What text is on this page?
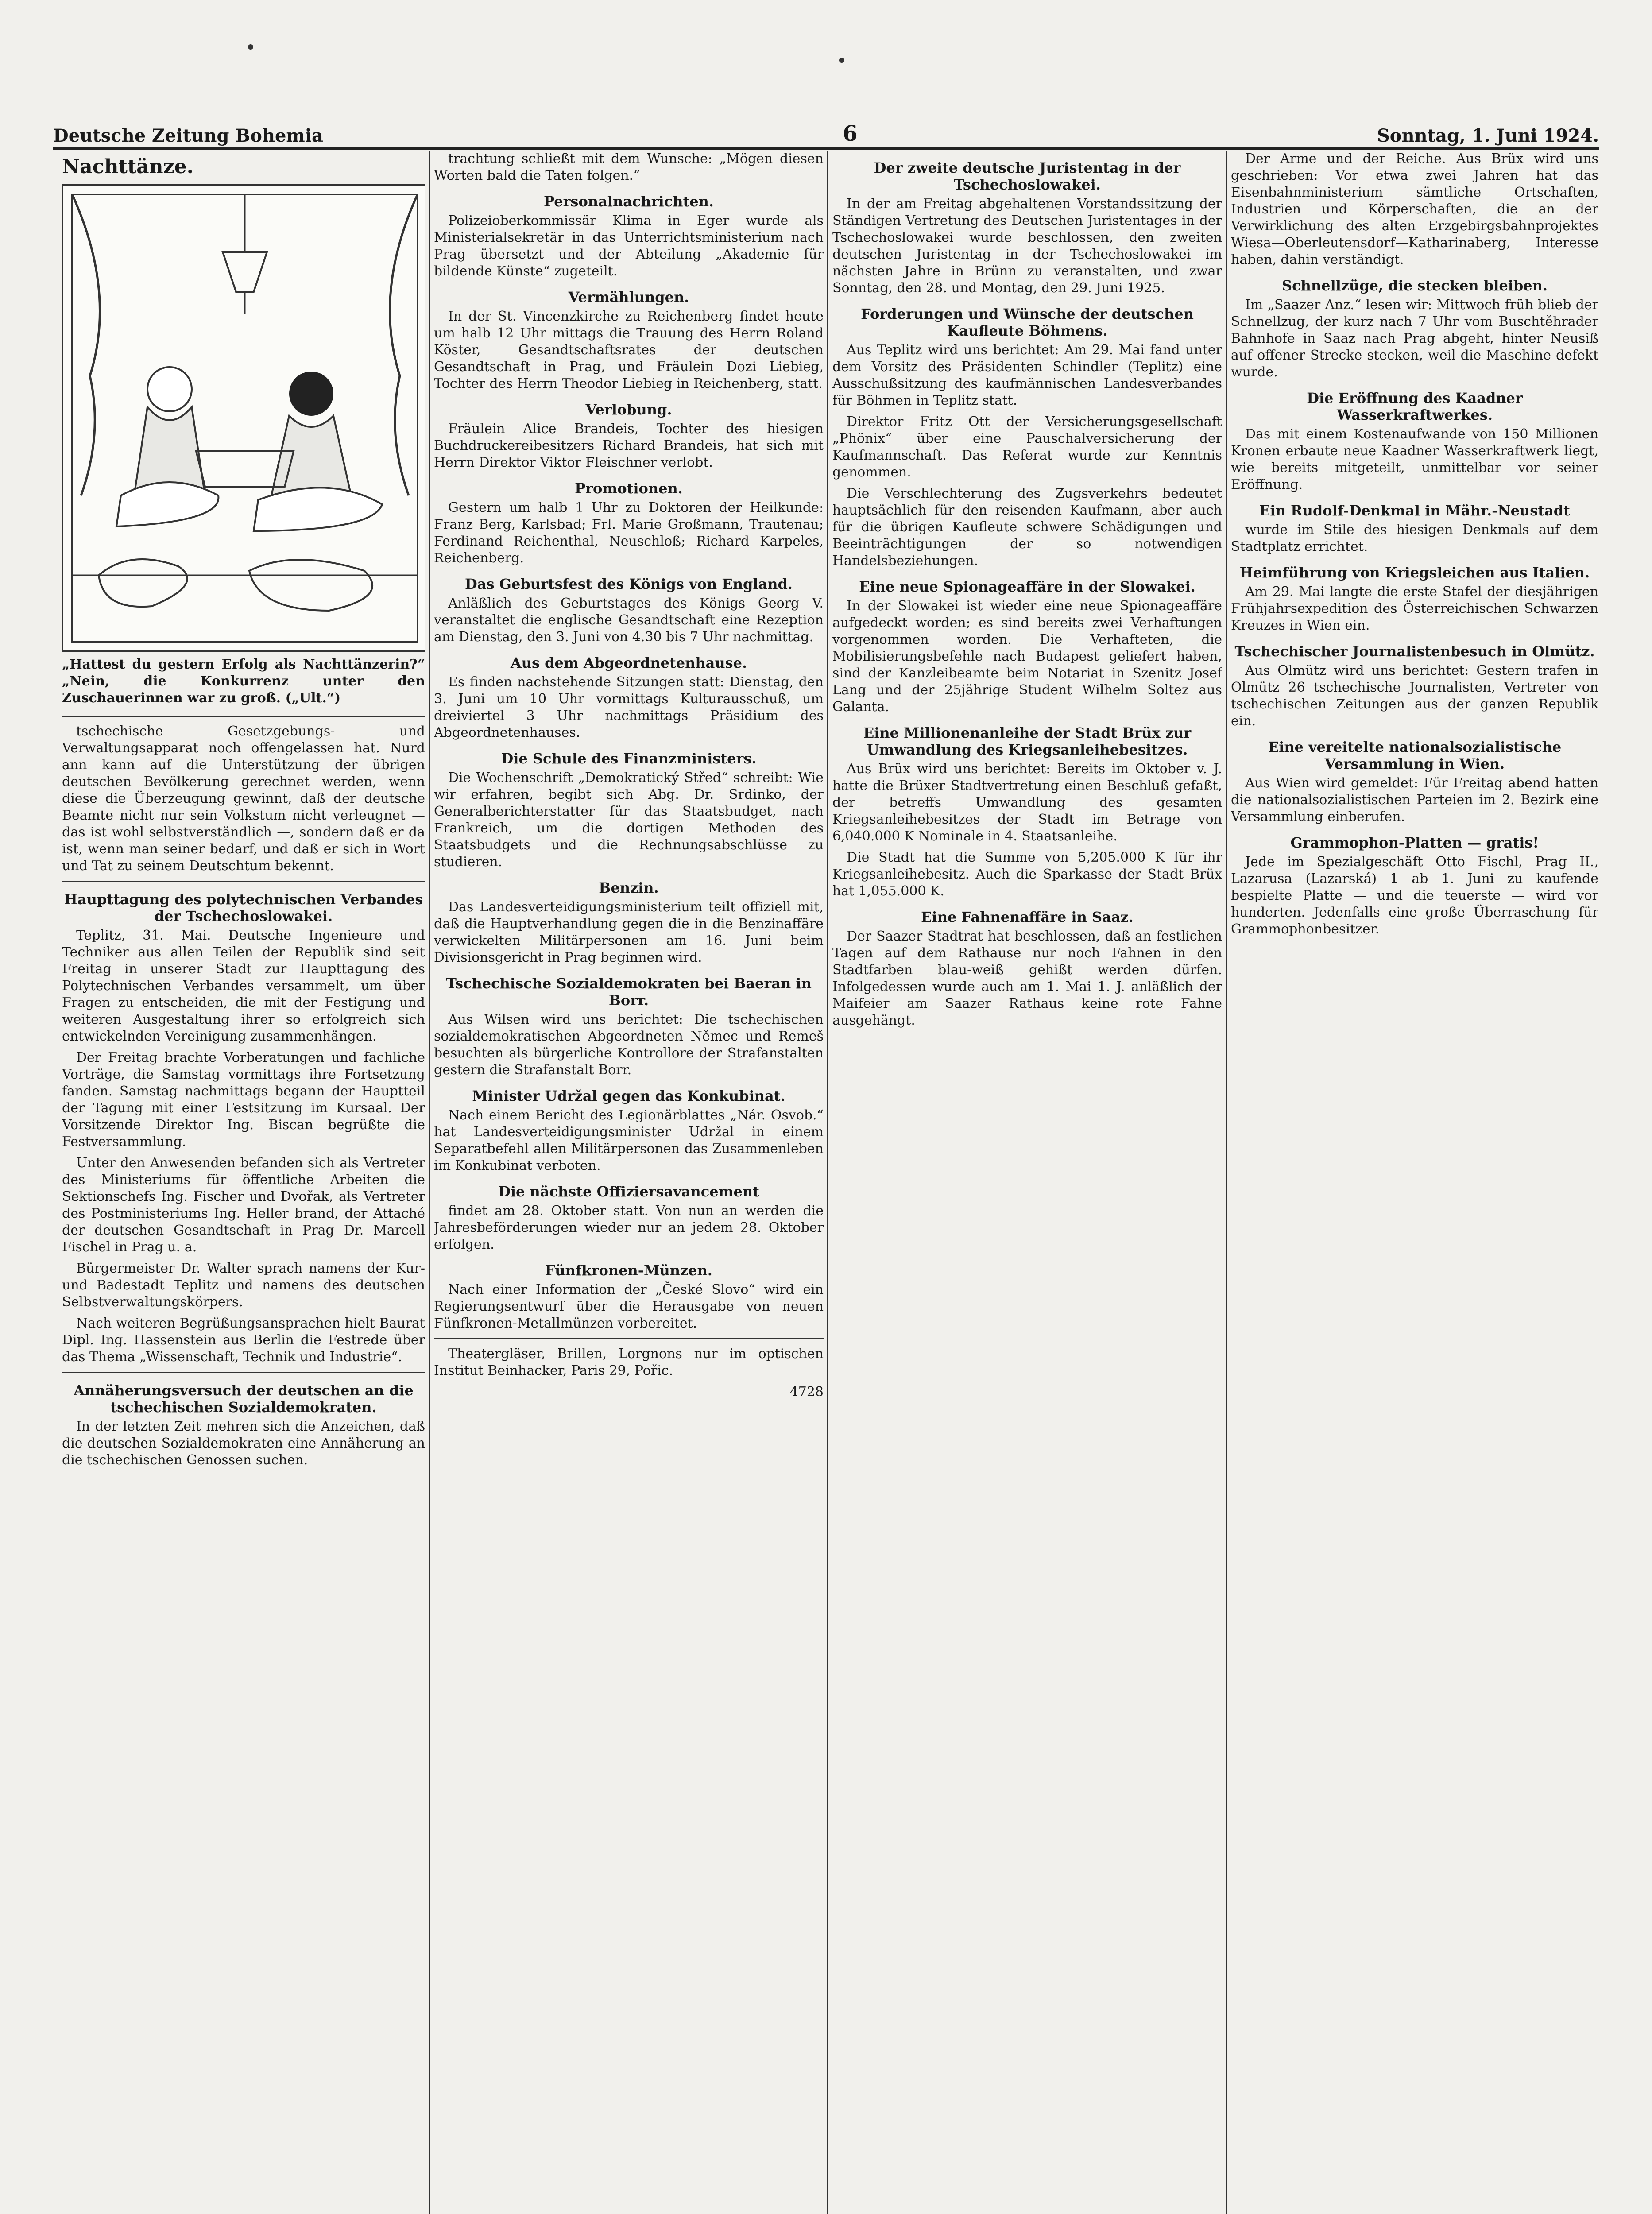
Deutsche Zeitung Bohemia	6	Sonntag, 1. Juni 1924.
Nachttänze.

„Hattest du gestern Erfolg als Nachttänzerin?“ „Nein, die Konkurrenz unter den Zuschauerinnen war zu groß. („Ult.“)

tschechische Gesetzgebungs- und Verwaltungsapparat noch offengelassen hat. Nurd ann kann auf die Unterstützung der übrigen deutschen Bevölkerung gerechnet werden, wenn diese die Überzeugung gewinnt, daß der deutsche Beamte nicht nur sein Volkstum nicht verleugnet — das ist wohl selbstverständlich —, sondern daß er da ist, wenn man seiner bedarf, und daß er sich in Wort und Tat zu seinem Deutschtum bekennt.

Haupttagung des polytechnischen Verbandes der Tschechoslowakei.

Teplitz, 31. Mai. Deutsche Ingenieure und Techniker aus allen Teilen der Republik sind seit Freitag in unserer Stadt zur Haupttagung des Polytechnischen Verbandes versammelt, um über Fragen zu entscheiden, die mit der Festigung und weiteren Ausgestaltung ihrer so erfolgreich sich entwickelnden Vereinigung zusammenhängen.

Der Freitag brachte Vorberatungen und fachliche Vorträge, die Samstag vormittags ihre Fortsetzung fanden. Samstag nachmittags begann der Hauptteil der Tagung mit einer Festsitzung im Kursaal. Der Vorsitzende Direktor Ing. Biscan begrüßte die Festversammlung.

Unter den Anwesenden befanden sich als Vertreter des Ministeriums für öffentliche Arbeiten die Sektionschefs Ing. Fischer und Dvořak, als Vertreter des Postministeriums Ing. Heller brand, der Attaché der deutschen Gesandtschaft in Prag Dr. Marcell Fischel in Prag u. a.

Bürgermeister Dr. Walter sprach namens der Kur- und Badestadt Teplitz und namens des deutschen Selbstverwaltungskörpers.

Nach weiteren Begrüßungsansprachen hielt Baurat Dipl. Ing. Hassenstein aus Berlin die Festrede über das Thema „Wissenschaft, Technik und Industrie“.

Annäherungsversuch der deutschen an die tschechischen Sozialdemokraten.

In der letzten Zeit mehren sich die Anzeichen, daß die deutschen Sozialdemokraten eine Annäherung an die tschechischen Genossen suchen.

trachtung schließt mit dem Wunsche: „Mögen diesen Worten bald die Taten folgen.“

Personalnachrichten.

Polizeioberkommissär Klima in Eger wurde als Ministerialsekretär in das Unterrichtsministerium nach Prag übersetzt und der Abteilung „Akademie für bildende Künste“ zugeteilt.

Vermählungen.

In der St. Vincenzkirche zu Reichenberg findet heute um halb 12 Uhr mittags die Trauung des Herrn Roland Köster, Gesandtschaftsrates der deutschen Gesandtschaft in Prag, und Fräulein Dozi Liebieg, Tochter des Herrn Theodor Liebieg in Reichenberg, statt.

Verlobung.

Fräulein Alice Brandeis, Tochter des hiesigen Buchdruckereibesitzers Richard Brandeis, hat sich mit Herrn Direktor Viktor Fleischner verlobt.

Promotionen.

Gestern um halb 1 Uhr zu Doktoren der Heilkunde: Franz Berg, Karlsbad; Frl. Marie Großmann, Trautenau; Ferdinand Reichenthal, Neuschloß; Richard Karpeles, Reichenberg.

Das Geburtsfest des Königs von England.

Anläßlich des Geburtstages des Königs Georg V. veranstaltet die englische Gesandtschaft eine Rezeption am Dienstag, den 3. Juni von 4.30 bis 7 Uhr nachmittag.

Aus dem Abgeordnetenhause.

Es finden nachstehende Sitzungen statt: Dienstag, den 3. Juni um 10 Uhr vormittags Kulturausschuß, um dreiviertel 3 Uhr nachmittags Präsidium des Abgeordnetenhauses.

Die Schule des Finanzministers.

Die Wochenschrift „Demokratický Střed“ schreibt: Wie wir erfahren, begibt sich Abg. Dr. Srdinko, der Generalberichterstatter für das Staatsbudget, nach Frankreich, um die dortigen Methoden des Staatsbudgets und die Rechnungsabschlüsse zu studieren.

Benzin.

Das Landesverteidigungsministerium teilt offiziell mit, daß die Hauptverhandlung gegen die in die Benzinaffäre verwickelten Militärpersonen am 16. Juni beim Divisionsgericht in Prag beginnen wird.

Tschechische Sozialdemokraten bei Baeran in Borr.

Aus Wilsen wird uns berichtet: Die tschechischen sozialdemokratischen Abgeordneten Němec und Remeš besuchten als bürgerliche Kontrollore der Strafanstalten gestern die Strafanstalt Borr.

Minister Udržal gegen das Konkubinat.

Nach einem Bericht des Legionärblattes „Nár. Osvob.“ hat Landesverteidigungsminister Udržal in einem Separatbefehl allen Militärpersonen das Zusammenleben im Konkubinat verboten.

Die nächste Offiziersavancement

findet am 28. Oktober statt. Von nun an werden die Jahresbeförderungen wieder nur an jedem 28. Oktober erfolgen.

Fünfkronen-Münzen.

Nach einer Information der „České Slovo“ wird ein Regierungsentwurf über die Herausgabe von neuen Fünfkronen-Metallmünzen vorbereitet.

Theatergläser, Brillen, Lorgnons nur im optischen Institut Beinhacker, Paris 29, Pořic.

4728

Der zweite deutsche Juristentag in der Tschechoslowakei.

In der am Freitag abgehaltenen Vorstandssitzung der Ständigen Vertretung des Deutschen Juristentages in der Tschechoslowakei wurde beschlossen, den zweiten deutschen Juristentag in der Tschechoslowakei im nächsten Jahre in Brünn zu veranstalten, und zwar Sonntag, den 28. und Montag, den 29. Juni 1925.

Forderungen und Wünsche der deutschen Kaufleute Böhmens.

Aus Teplitz wird uns berichtet: Am 29. Mai fand unter dem Vorsitz des Präsidenten Schindler (Teplitz) eine Ausschußsitzung des kaufmännischen Landesverbandes für Böhmen in Teplitz statt.

Direktor Fritz Ott der Versicherungsgesellschaft „Phönix“ über eine Pauschalversicherung der Kaufmannschaft. Das Referat wurde zur Kenntnis genommen.

Die Verschlechterung des Zugsverkehrs bedeutet hauptsächlich für den reisenden Kaufmann, aber auch für die übrigen Kaufleute schwere Schädigungen und Beeinträchtigungen der so notwendigen Handelsbeziehungen.

Eine neue Spionageaffäre in der Slowakei.

In der Slowakei ist wieder eine neue Spionageaffäre aufgedeckt worden; es sind bereits zwei Verhaftungen vorgenommen worden. Die Verhafteten, die Mobilisierungsbefehle nach Budapest geliefert haben, sind der Kanzleibeamte beim Notariat in Szenitz Josef Lang und der 25jährige Student Wilhelm Soltez aus Galanta.

Eine Millionenanleihe der Stadt Brüx zur Umwandlung des Kriegsanleihebesitzes.

Aus Brüx wird uns berichtet: Bereits im Oktober v. J. hatte die Brüxer Stadtvertretung einen Beschluß gefaßt, der betreffs Umwandlung des gesamten Kriegsanleihebesitzes der Stadt im Betrage von 6,040.000 K Nominale in 4. Staatsanleihe.

Die Stadt hat die Summe von 5,205.000 K für ihr Kriegsanleihebesitz. Auch die Sparkasse der Stadt Brüx hat 1,055.000 K.

Eine Fahnenaffäre in Saaz.

Der Saazer Stadtrat hat beschlossen, daß an festlichen Tagen auf dem Rathause nur noch Fahnen in den Stadtfarben blau-weiß gehißt werden dürfen. Infolgedessen wurde auch am 1. Mai 1. J. anläßlich der Maifeier am Saazer Rathaus keine rote Fahne ausgehängt.

Der Arme und der Reiche. Aus Brüx wird uns geschrieben: Vor etwa zwei Jahren hat das Eisenbahnministerium sämtliche Ortschaften, Industrien und Körperschaften, die an der Verwirklichung des alten Erzgebirgsbahnprojektes Wiesa—Oberleutensdorf—Katharinaberg, Interesse haben, dahin verständigt.

Schnellzüge, die stecken bleiben.

Im „Saazer Anz.“ lesen wir: Mittwoch früh blieb der Schnellzug, der kurz nach 7 Uhr vom Buschtěhrader Bahnhofe in Saaz nach Prag abgeht, hinter Neusiß auf offener Strecke stecken, weil die Maschine defekt wurde.

Die Eröffnung des Kaadner Wasserkraftwerkes.

Das mit einem Kostenaufwande von 150 Millionen Kronen erbaute neue Kaadner Wasserkraftwerk liegt, wie bereits mitgeteilt, unmittelbar vor seiner Eröffnung.

Ein Rudolf-Denkmal in Mähr.-Neustadt

wurde im Stile des hiesigen Denkmals auf dem Stadtplatz errichtet.

Heimführung von Kriegsleichen aus Italien.

Am 29. Mai langte die erste Stafel der diesjährigen Frühjahrsexpedition des Österreichischen Schwarzen Kreuzes in Wien ein.

Tschechischer Journalistenbesuch in Olmütz.

Aus Olmütz wird uns berichtet: Gestern trafen in Olmütz 26 tschechische Journalisten, Vertreter von tschechischen Zeitungen aus der ganzen Republik ein.

Eine vereitelte nationalsozialistische Versammlung in Wien.

Aus Wien wird gemeldet: Für Freitag abend hatten die nationalsozialistischen Parteien im 2. Bezirk eine Versammlung einberufen.

Grammophon-Platten — gratis!

Jede im Spezialgeschäft Otto Fischl, Prag II., Lazarusa (Lazarská) 1 ab 1. Juni zu kaufende bespielte Platte — und die teuerste — wird vor hunderten. Jedenfalls eine große Überraschung für Grammophonbesitzer.
